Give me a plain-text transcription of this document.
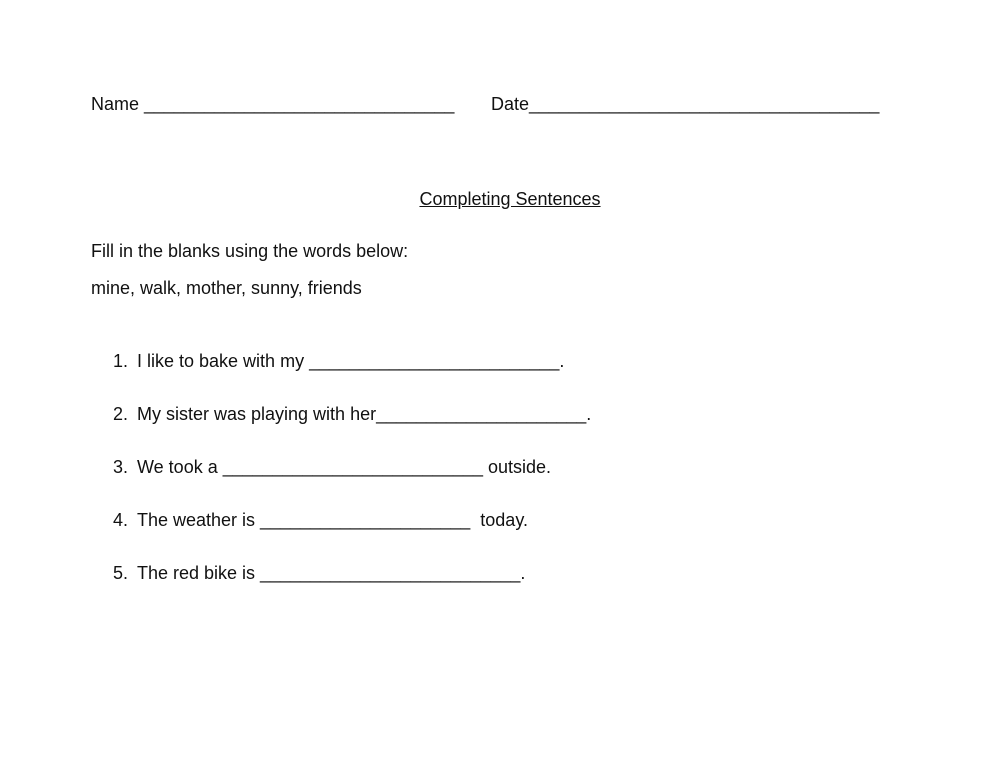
Name _______________________________ Date___________________________________

Completing Sentences

Fill in the blanks using the words below:
mine, walk, mother, sunny, friends
1. I like to bake with my _________________________.
2. My sister was playing with her_____________________.
3. We took a __________________________ outside.
4. The weather is _____________________  today.
5. The red bike is __________________________.
